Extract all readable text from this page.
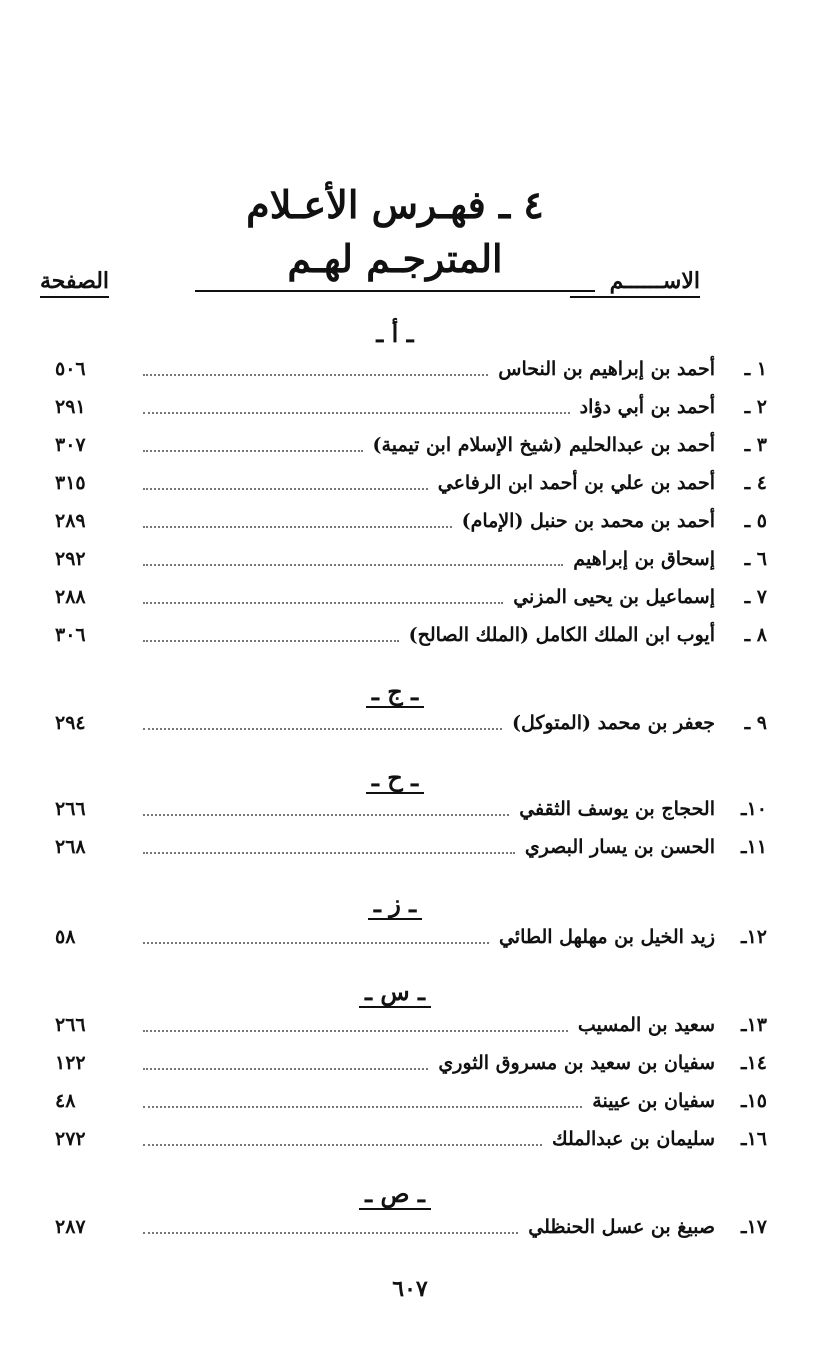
٤ ـ فهـرس الأعـلام المترجـم لهـم	الاســــــم
الصفحة
ـ أ ـ
١ ـ
أحمد بن إبراهيم بن النحاس
٥٠٦
٢ ـ
أحمد بن أبي دؤاد
٢٩١
٣ ـ
أحمد بن عبدالحليم (شيخ الإسلام ابن تيمية)
٣٠٧
٤ ـ
أحمد بن علي بن أحمد ابن الرفاعي
٣١٥
٥ ـ
أحمد بن محمد بن حنبل (الإمام)
٢٨٩
٦ ـ
إسحاق بن إبراهيم
٢٩٢
٧ ـ
إسماعيل بن يحيى المزني
٢٨٨
٨ ـ
أيوب ابن الملك الكامل (الملك الصالح)
٣٠٦
ـ ج ـ
٩ ـ
جعفر بن محمد (المتوكل)
٢٩٤
ـ ح ـ
١٠ـ
الحجاج بن يوسف الثقفي
٢٦٦
١١ـ
الحسن بن يسار البصري
٢٦٨
ـ ز ـ
١٢ـ
زيد الخيل بن مهلهل الطائي
٥٨
ـ س ـ
١٣ـ
سعيد بن المسيب
٢٦٦
١٤ـ
سفيان بن سعيد بن مسروق الثوري
١٢٢
١٥ـ
سفيان بن عيينة
٤٨
١٦ـ
سليمان بن عبدالملك
٢٧٢
ـ ص ـ
١٧ـ
صبيغ بن عسل الحنظلي
٢٨٧
٦٠٧
